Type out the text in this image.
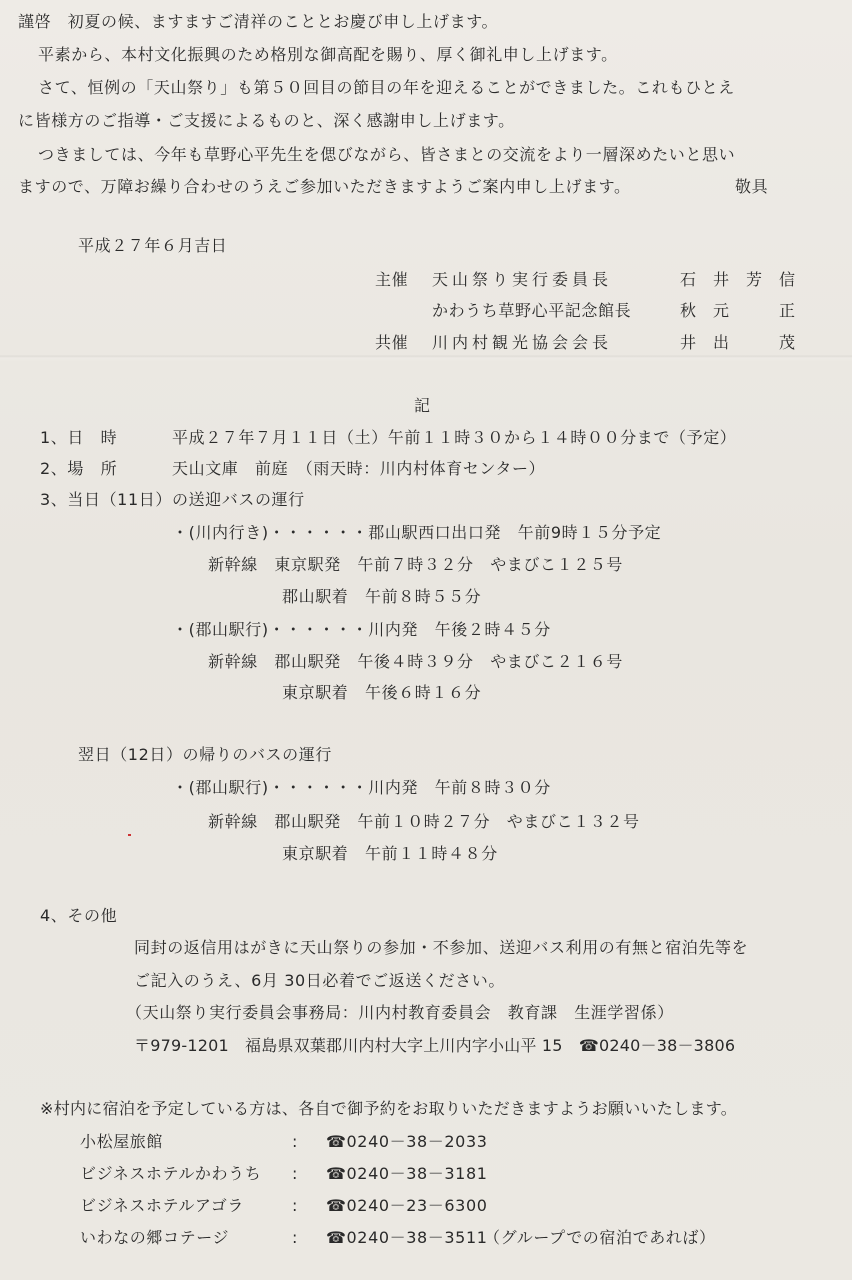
謹啓　初夏の候、ますますご清祥のこととお慶び申し上げます。
平素から、本村文化振興のため格別な御高配を賜り、厚く御礼申し上げます。
さて、恒例の「天山祭り」も第５０回目の節目の年を迎えることができました。これもひとえ
に皆様方のご指導・ご支援によるものと、深く感謝申し上げます。
つきましては、今年も草野心平先生を偲びながら、皆さまとの交流をより一層深めたいと思い
ますので、万障お繰り合わせのうえご参加いただきますようご案内申し上げます。	敬具
平成２７年６月吉日
主催 天山祭り実行委員長	石井芳信
かわうち草野心平記念館長	秋元　正
共催 川内村観光協会会長	井出　茂
記
1、日　時	平成２７年７月１１日（土）午前１１時３０から１４時００分まで（予定）
2、場　所	天山文庫　前庭　（雨天時：川内村体育センター）
3、当日（11日）の送迎バスの運行
・(川内行き)・・・・・・郡山駅西口出口発　午前9時１５分予定
新幹線　東京駅発　午前７時３２分　やまびこ１２５号
郡山駅着　午前８時５５分
・(郡山駅行)・・・・・・川内発　午後２時４５分
新幹線　郡山駅発　午後４時３９分　やまびこ２１６号
東京駅着　午後６時１６分
翌日（12日）の帰りのバスの運行
・(郡山駅行)・・・・・・川内発　午前８時３０分
新幹線　郡山駅発　午前１０時２７分　やまびこ１３２号
東京駅着　午前１１時４８分
4、その他
同封の返信用はがきに天山祭りの参加・不参加、送迎バス利用の有無と宿泊先等を
ご記入のうえ、6月 30日必着でご返送ください。
（天山祭り実行委員会事務局：川内村教育委員会　教育課　生涯学習係）
〒979-1201　福島県双葉郡川内村大字上川内字小山平 15　☎0240－38－3806
※村内に宿泊を予定している方は、各自で御予約をお取りいただきますようお願いいたします。
小松屋旅館	: ☎0240－38－2033
ビジネスホテルかわうち : ☎0240－38－3181
ビジネスホテルアゴラ	: ☎0240－23－6300
いわなの郷コテージ	: ☎0240－38－3511
（グループでの宿泊であれば）
